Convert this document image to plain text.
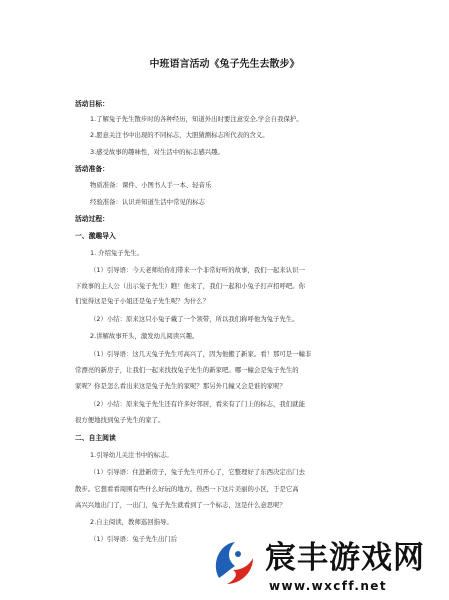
中班语言活动《兔子先生去散步》
活动目标：
1.了解兔子先生散步时的各种经历，知道外出时要注意安全,学会自我保护。
2.愿意关注书中出现的不同标志，大胆猜测标志所代表的含义。
3.感受故事的趣味性，对生活中的标志感兴趣。
活动准备：
物质准备：课件、小图书人手一本、轻音乐
经验准备：认识并知道生活中常见的标志
活动过程：
一、激趣导入
1. 介绍兔子先生。
（1）引导语：今天老师给你们带来一个非常好听的故事，我们一起来认识一
下故事的主人公（出示兔子先生）瞧！他来了，我们一起和小兔子打声招呼吧。你
们觉得这是兔子小姐还是兔子先生呢？为什么？
（2）小结：原来这只小兔子戴了一个领带，所以我们称呼他为兔子先生。
2.讲解故事开头，激发幼儿阅读兴趣。
（1）引导语：这几天兔子先生可高兴了，因为他搬了新家。看！那可是一幢非
常漂亮的新房子，让我们一起来找找兔子先生的新家吧。哪一幢会是兔子先生的
家呢？你是怎么看出来这是兔子先生的家呢？那另外几幢又会是谁的家呢？
（2）小结：原来兔子先生还有许多好邻居，看来有了门上的标志，我们就能
很方便地找到兔子先生的家了。
二、自主阅读
1.引导幼儿关注书中的标志。
（1）引导语：住进新房子，兔子先生可开心了，它整理好了东西决定出门去
散步。它想看看周围有些什么好玩的地方。热西一下这片美丽的小区，于是它高
高兴兴地出门了，一出门，兔子先生就看到了一个标志，这是什么意思呢？
2.自主阅读，教师巡回指导。
（1）引导语：兔子先生出门后
宸丰游戏网
www.wxcff.net
